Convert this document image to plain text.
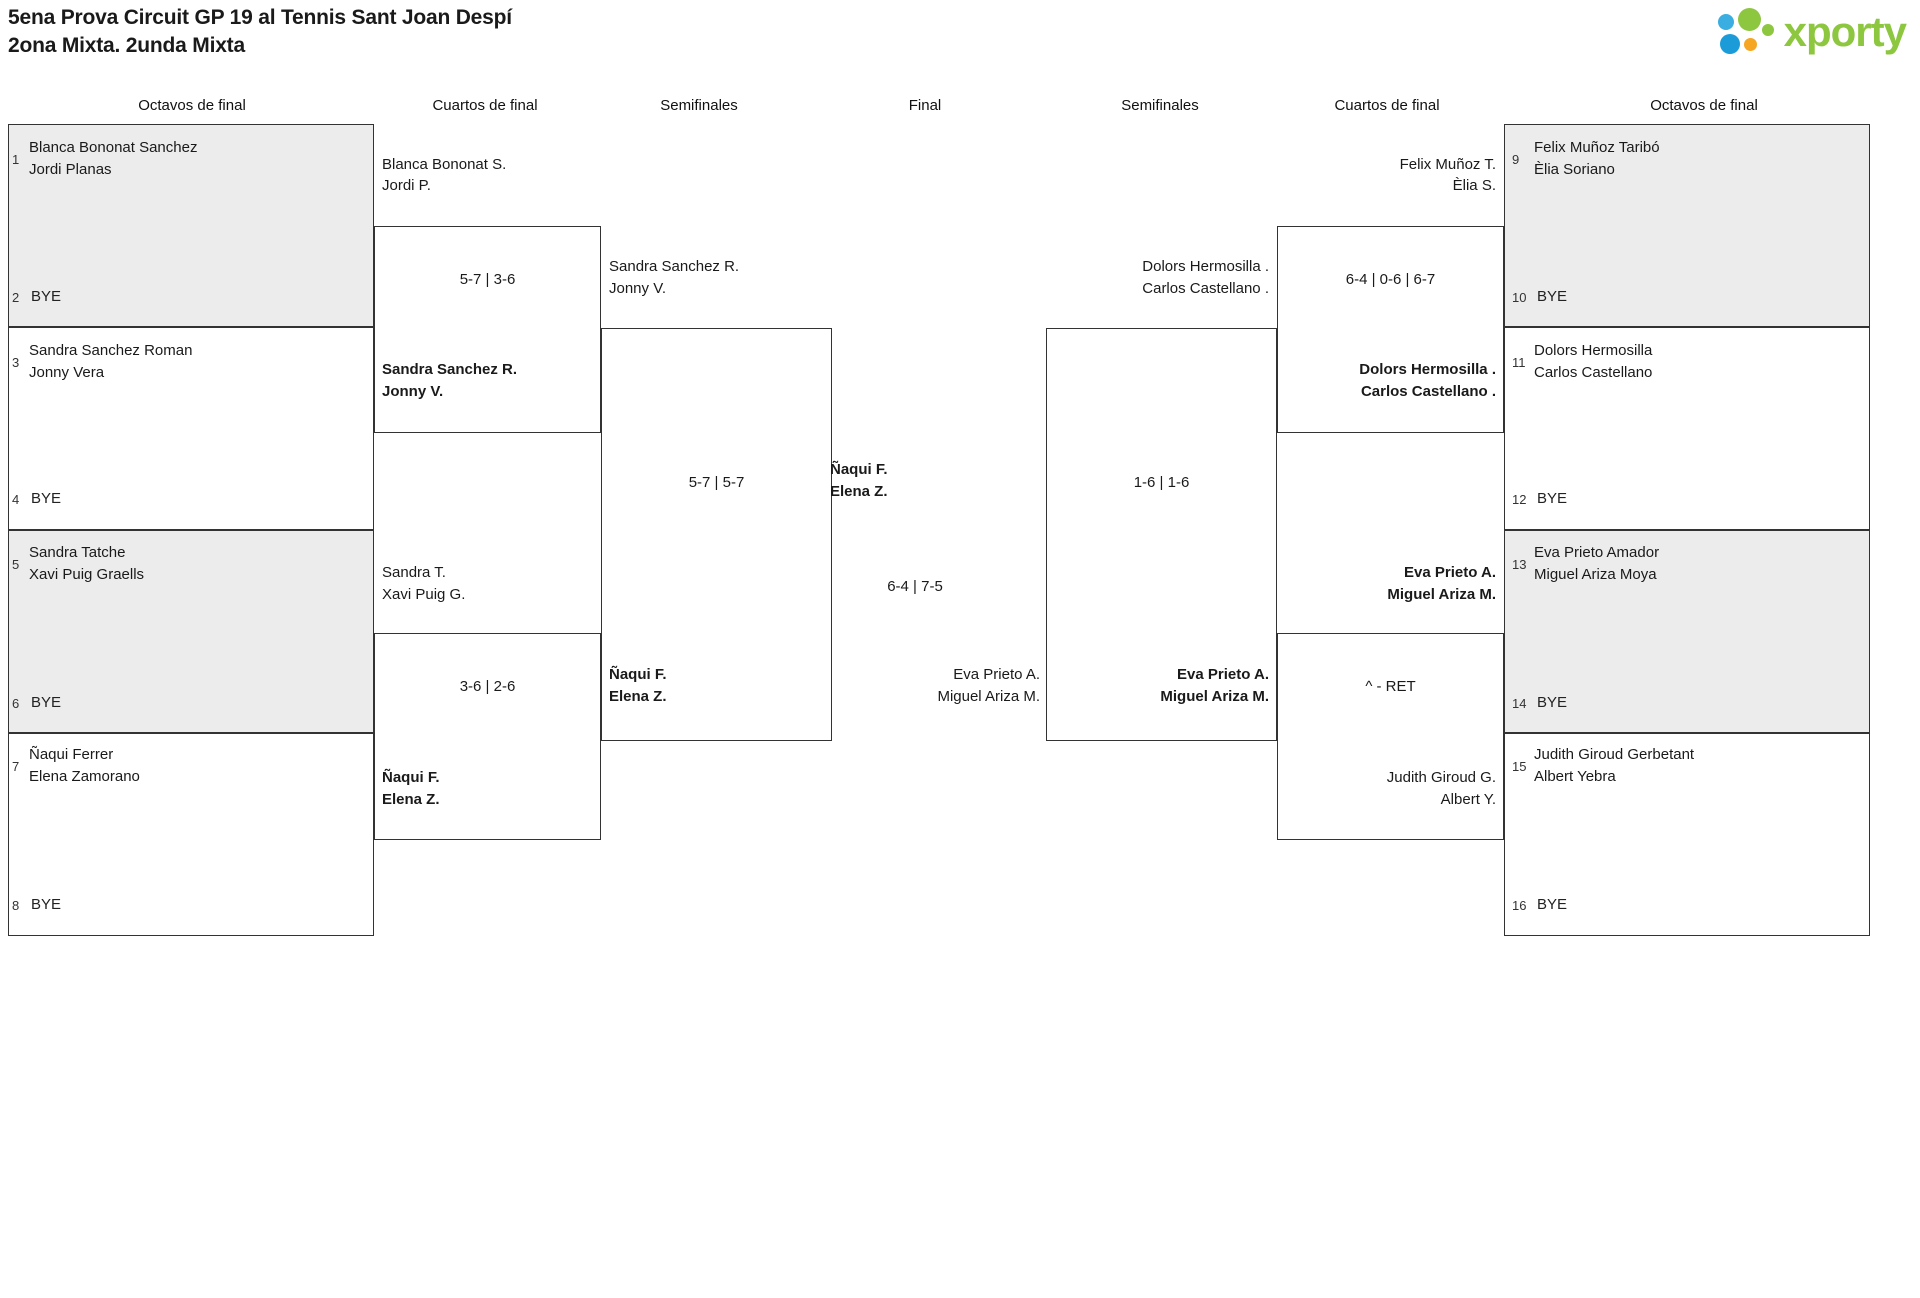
5ena Prova Circuit GP 19 al Tennis Sant Joan Despí
2ona Mixta. 2unda Mixta	xporty
Octavos de final	Cuartos de final	Semifinales	Final	Semifinales	Cuartos de final	Octavos de final
1
Blanca Bononat Sanchez
Jordi Planas
2 BYE
3
Sandra Sanchez Roman
Jonny Vera
4 BYE
5
Sandra Tatche
Xavi Puig Graells
6 BYE
7
Ñaqui Ferrer
Elena Zamorano
8 BYE
Blanca Bononat S.
Jordi P.
5-7 | 3-6
Sandra Sanchez R.
Jonny V.
Sandra T.
Xavi Puig G.
3-6 | 2-6
Ñaqui F.
Elena Z.
Sandra Sanchez R.
Jonny V.
5-7 | 5-7
Ñaqui F.
Elena Z.
Ñaqui F.
Elena Z.
6-4 | 7-5
Eva Prieto A.
Miguel Ariza M.
Dolors Hermosilla .
Carlos Castellano .
1-6 | 1-6
Eva Prieto A.
Miguel Ariza M.
Felix Muñoz T.
Èlia S.
6-4 | 0-6 | 6-7
Dolors Hermosilla .
Carlos Castellano .
Eva Prieto A.
Miguel Ariza M.
^ - RET
Judith Giroud G.
Albert Y.
9
Felix Muñoz Taribó
Èlia Soriano
10 BYE
11
Dolors Hermosilla
Carlos Castellano
12 BYE
13
Eva Prieto Amador
Miguel Ariza Moya
14 BYE
15
Judith Giroud Gerbetant
Albert Yebra
16 BYE
